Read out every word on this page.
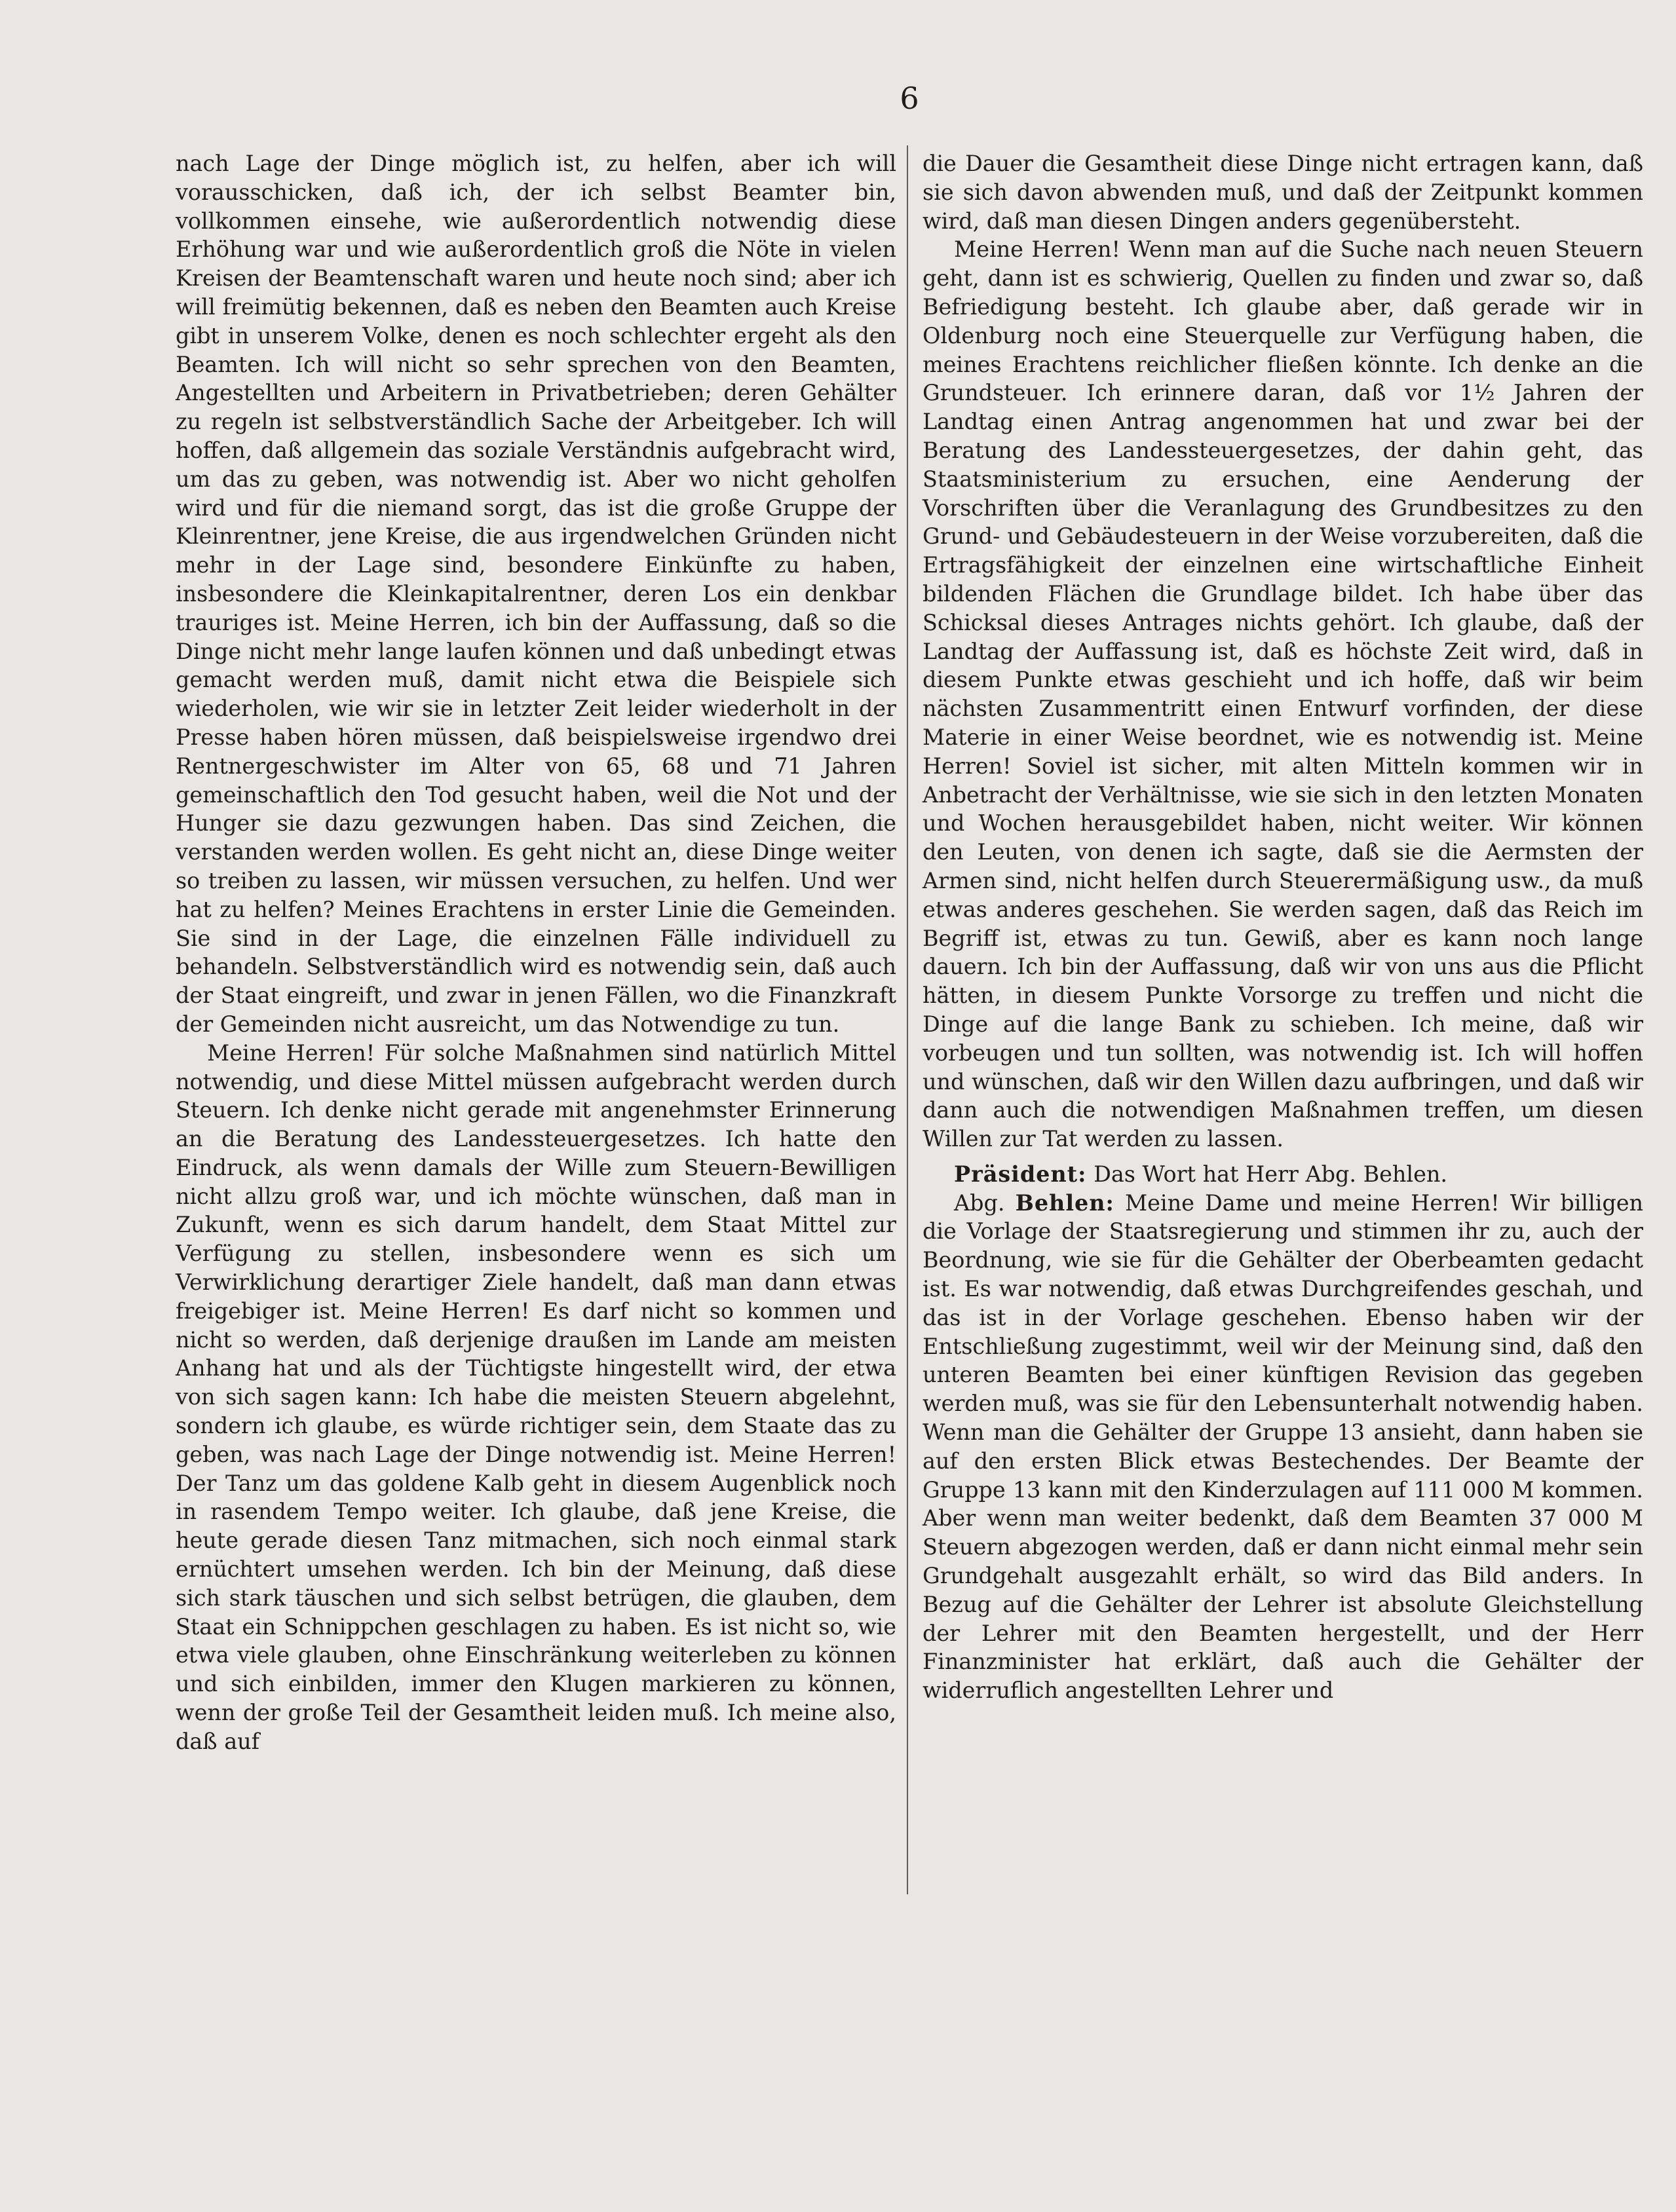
6

nach Lage der Dinge möglich ist, zu helfen, aber ich will vorausschicken, daß ich, der ich selbst Beamter bin, vollkommen einsehe, wie außerordentlich notwendig diese Erhöhung war und wie außerordentlich groß die Nöte in vielen Kreisen der Beamtenschaft waren und heute noch sind; aber ich will freimütig bekennen, daß es neben den Beamten auch Kreise gibt in unserem Volke, denen es noch schlechter ergeht als den Beamten. Ich will nicht so sehr sprechen von den Beamten, Angestellten und Arbeitern in Privatbetrieben; deren Gehälter zu regeln ist selbstverständlich Sache der Arbeitgeber. Ich will hoffen, daß allgemein das soziale Verständnis aufgebracht wird, um das zu geben, was notwendig ist. Aber wo nicht geholfen wird und für die niemand sorgt, das ist die große Gruppe der Kleinrentner, jene Kreise, die aus irgendwelchen Gründen nicht mehr in der Lage sind, besondere Einkünfte zu haben, insbesondere die Kleinkapitalrentner, deren Los ein denkbar trauriges ist. Meine Herren, ich bin der Auffassung, daß so die Dinge nicht mehr lange laufen können und daß unbedingt etwas gemacht werden muß, damit nicht etwa die Beispiele sich wiederholen, wie wir sie in letzter Zeit leider wiederholt in der Presse haben hören müssen, daß beispielsweise irgendwo drei Rentnergeschwister im Alter von 65, 68 und 71 Jahren gemeinschaftlich den Tod gesucht haben, weil die Not und der Hunger sie dazu gezwungen haben. Das sind Zeichen, die verstanden werden wollen. Es geht nicht an, diese Dinge weiter so treiben zu lassen, wir müssen versuchen, zu helfen. Und wer hat zu helfen? Meines Erachtens in erster Linie die Gemeinden. Sie sind in der Lage, die einzelnen Fälle individuell zu behandeln. Selbstverständlich wird es notwendig sein, daß auch der Staat eingreift, und zwar in jenen Fällen, wo die Finanzkraft der Gemeinden nicht ausreicht, um das Notwendige zu tun.

Meine Herren! Für solche Maßnahmen sind natürlich Mittel notwendig, und diese Mittel müssen aufgebracht werden durch Steuern. Ich denke nicht gerade mit angenehmster Erinnerung an die Beratung des Landessteuergesetzes. Ich hatte den Eindruck, als wenn damals der Wille zum Steuern-Bewilligen nicht allzu groß war, und ich möchte wünschen, daß man in Zukunft, wenn es sich darum handelt, dem Staat Mittel zur Verfügung zu stellen, insbesondere wenn es sich um Verwirklichung derartiger Ziele handelt, daß man dann etwas freigebiger ist. Meine Herren! Es darf nicht so kommen und nicht so werden, daß derjenige draußen im Lande am meisten Anhang hat und als der Tüchtigste hingestellt wird, der etwa von sich sagen kann: Ich habe die meisten Steuern abgelehnt, sondern ich glaube, es würde richtiger sein, dem Staate das zu geben, was nach Lage der Dinge notwendig ist. Meine Herren! Der Tanz um das goldene Kalb geht in diesem Augenblick noch in rasendem Tempo weiter. Ich glaube, daß jene Kreise, die heute gerade diesen Tanz mitmachen, sich noch einmal stark ernüchtert umsehen werden. Ich bin der Meinung, daß diese sich stark täuschen und sich selbst betrügen, die glauben, dem Staat ein Schnippchen geschlagen zu haben. Es ist nicht so, wie etwa viele glauben, ohne Einschränkung weiterleben zu können und sich einbilden, immer den Klugen markieren zu können, wenn der große Teil der Gesamtheit leiden muß. Ich meine also, daß auf

die Dauer die Gesamtheit diese Dinge nicht ertragen kann, daß sie sich davon abwenden muß, und daß der Zeitpunkt kommen wird, daß man diesen Dingen anders gegenübersteht.

Meine Herren! Wenn man auf die Suche nach neuen Steuern geht, dann ist es schwierig, Quellen zu finden und zwar so, daß Befriedigung besteht. Ich glaube aber, daß gerade wir in Oldenburg noch eine Steuerquelle zur Verfügung haben, die meines Erachtens reichlicher fließen könnte. Ich denke an die Grundsteuer. Ich erinnere daran, daß vor 1½ Jahren der Landtag einen Antrag angenommen hat und zwar bei der Beratung des Landessteuergesetzes, der dahin geht, das Staatsministerium zu ersuchen, eine Aenderung der Vorschriften über die Veranlagung des Grundbesitzes zu den Grund- und Gebäudesteuern in der Weise vorzubereiten, daß die Ertragsfähigkeit der einzelnen eine wirtschaftliche Einheit bildenden Flächen die Grundlage bildet. Ich habe über das Schicksal dieses Antrages nichts gehört. Ich glaube, daß der Landtag der Auffassung ist, daß es höchste Zeit wird, daß in diesem Punkte etwas geschieht und ich hoffe, daß wir beim nächsten Zusammentritt einen Entwurf vorfinden, der diese Materie in einer Weise beordnet, wie es notwendig ist. Meine Herren! Soviel ist sicher, mit alten Mitteln kommen wir in Anbetracht der Verhältnisse, wie sie sich in den letzten Monaten und Wochen herausgebildet haben, nicht weiter. Wir können den Leuten, von denen ich sagte, daß sie die Aermsten der Armen sind, nicht helfen durch Steuerermäßigung usw., da muß etwas anderes geschehen. Sie werden sagen, daß das Reich im Begriff ist, etwas zu tun. Gewiß, aber es kann noch lange dauern. Ich bin der Auffassung, daß wir von uns aus die Pflicht hätten, in diesem Punkte Vorsorge zu treffen und nicht die Dinge auf die lange Bank zu schieben. Ich meine, daß wir vorbeugen und tun sollten, was notwendig ist. Ich will hoffen und wünschen, daß wir den Willen dazu aufbringen, und daß wir dann auch die notwendigen Maßnahmen treffen, um diesen Willen zur Tat werden zu lassen.

Präsident: Das Wort hat Herr Abg. Behlen.

Abg. Behlen: Meine Dame und meine Herren! Wir billigen die Vorlage der Staatsregierung und stimmen ihr zu, auch der Beordnung, wie sie für die Gehälter der Oberbeamten gedacht ist. Es war notwendig, daß etwas Durchgreifendes geschah, und das ist in der Vorlage geschehen. Ebenso haben wir der Entschließung zugestimmt, weil wir der Meinung sind, daß den unteren Beamten bei einer künftigen Revision das gegeben werden muß, was sie für den Lebensunterhalt notwendig haben. Wenn man die Gehälter der Gruppe 13 ansieht, dann haben sie auf den ersten Blick etwas Bestechendes. Der Beamte der Gruppe 13 kann mit den Kinderzulagen auf 111 000 M kommen. Aber wenn man weiter bedenkt, daß dem Beamten 37 000 M Steuern abgezogen werden, daß er dann nicht einmal mehr sein Grundgehalt ausgezahlt erhält, so wird das Bild anders. In Bezug auf die Gehälter der Lehrer ist absolute Gleichstellung der Lehrer mit den Beamten hergestellt, und der Herr Finanzminister hat erklärt, daß auch die Gehälter der widerruflich angestellten Lehrer und
